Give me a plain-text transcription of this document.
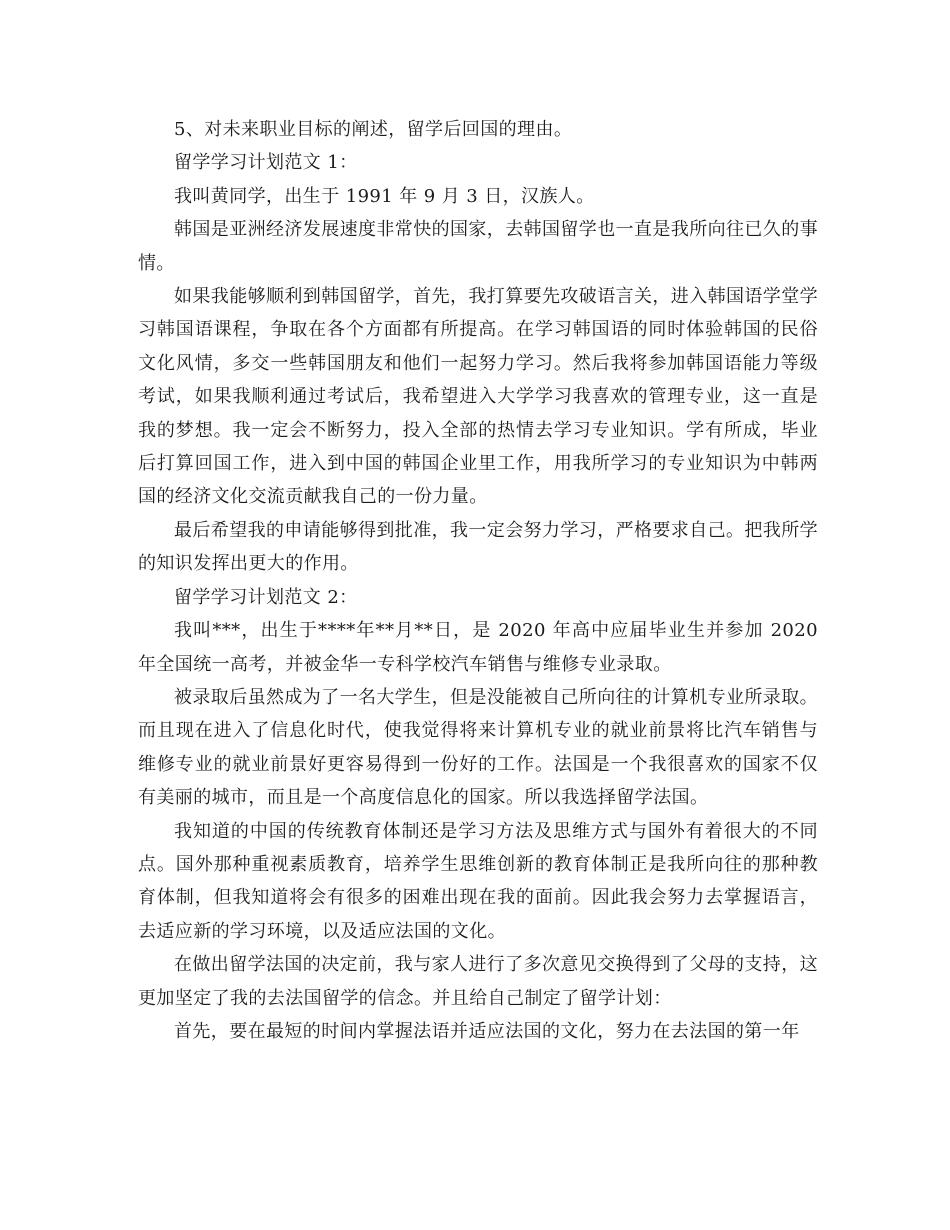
5、对未来职业目标的阐述，留学后回国的理由。

留学学习计划范文 1：

我叫黄同学，出生于 1991 年 9 月 3 日，汉族人。

韩国是亚洲经济发展速度非常快的国家，去韩国留学也一直是我所向往已久的事情。

如果我能够顺利到韩国留学，首先，我打算要先攻破语言关，进入韩国语学堂学习韩国语课程，争取在各个方面都有所提高。在学习韩国语的同时体验韩国的民俗文化风情，多交一些韩国朋友和他们一起努力学习。然后我将参加韩国语能力等级考试，如果我顺利通过考试后，我希望进入大学学习我喜欢的管理专业，这一直是我的梦想。我一定会不断努力，投入全部的热情去学习专业知识。学有所成，毕业后打算回国工作，进入到中国的韩国企业里工作，用我所学习的专业知识为中韩两国的经济文化交流贡献我自己的一份力量。

最后希望我的申请能够得到批准，我一定会努力学习，严格要求自己。把我所学的知识发挥出更大的作用。

留学学习计划范文 2：

我叫***，出生于****年**月**日，是 2020 年高中应届毕业生并参加 2020 年全国统一高考，并被金华一专科学校汽车销售与维修专业录取。

被录取后虽然成为了一名大学生，但是没能被自己所向往的计算机专业所录取。而且现在进入了信息化时代，使我觉得将来计算机专业的就业前景将比汽车销售与维修专业的就业前景好更容易得到一份好的工作。法国是一个我很喜欢的国家不仅有美丽的城市，而且是一个高度信息化的国家。所以我选择留学法国。

我知道的中国的传统教育体制还是学习方法及思维方式与国外有着很大的不同点。国外那种重视素质教育，培养学生思维创新的教育体制正是我所向往的那种教育体制，但我知道将会有很多的困难出现在我的面前。因此我会努力去掌握语言，去适应新的学习环境，以及适应法国的文化。

在做出留学法国的决定前，我与家人进行了多次意见交换得到了父母的支持，这更加坚定了我的去法国留学的信念。并且给自己制定了留学计划：

首先，要在最短的时间内掌握法语并适应法国的文化，努力在去法国的第一年
